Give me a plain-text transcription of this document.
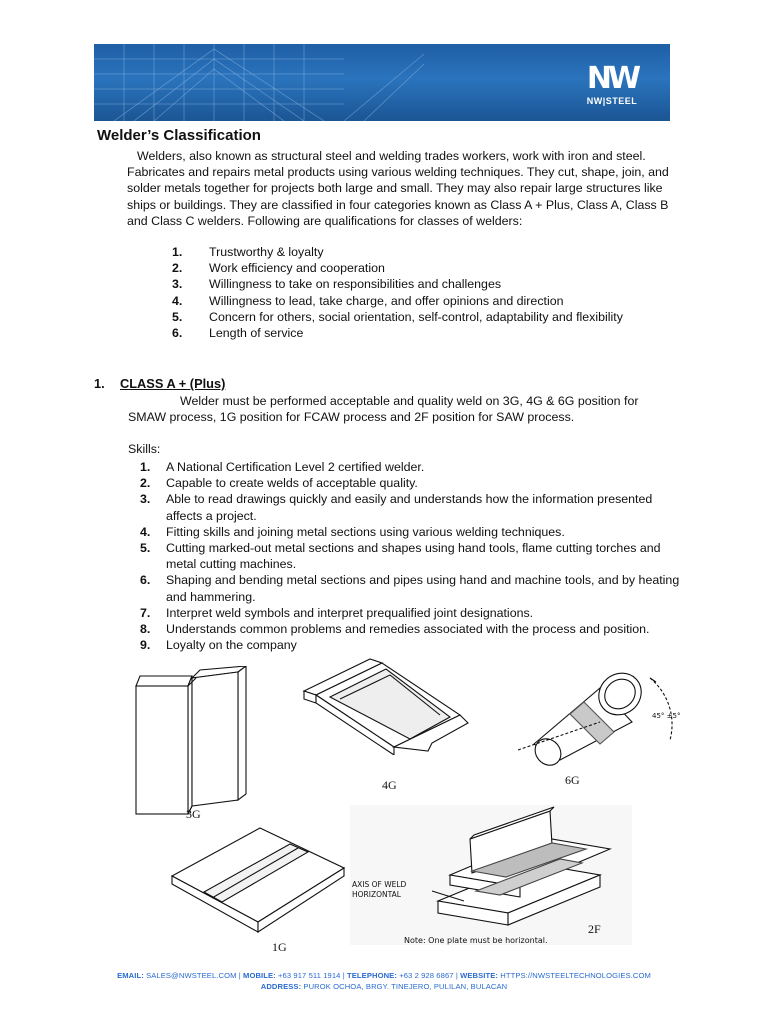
NW
NW|STEEL
Welder’s Classification
Welders, also known as structural steel and welding trades workers, work with iron and steel. Fabricates and repairs metal products using various welding techniques. They cut, shape, join, and solder metals together for projects both large and small. They may also repair large structures like ships or buildings. They are classified in four categories known as Class A + Plus, Class A, Class B and Class C welders. Following are qualifications for classes of welders:
1. Trustworthy & loyalty
2. Work efficiency and cooperation
3. Willingness to take on responsibilities and challenges
4. Willingness to lead, take charge, and offer opinions and direction
5. Concern for others, social orientation, self-control, adaptability and flexibility
6. Length of service
1. CLASS A + (Plus)
Welder must be performed acceptable and quality weld on 3G, 4G & 6G position for SMAW process, 1G position for FCAW process and 2F position for SAW process.
Skills:
1. A National Certification Level 2 certified welder.
2. Capable to create welds of acceptable quality.
3. Able to read drawings quickly and easily and understands how the information presented affects a project.
4. Fitting skills and joining metal sections using various welding techniques.
5. Cutting marked-out metal sections and shapes using hand tools, flame cutting torches and metal cutting machines.
6. Shaping and bending metal sections and pipes using hand and machine tools, and by heating and hammering.
7. Interpret weld symbols and interpret prequalified joint designations.
8. Understands common problems and remedies associated with the process and position.
9. Loyalty on the company
3G
4G
45° ±5°
6G
1G
AXIS OF WELD
HORIZONTAL
Note: One plate must be horizontal.
2F
EMAIL: SALES@NWSTEEL.COM | MOBILE: +63 917 511 1914 | TELEPHONE: +63 2 928 6867 | WEBSITE: HTTPS://NWSTEELTECHNOLOGIES.COM
ADDRESS: PUROK OCHOA, BRGY. TINEJERO, PULILAN, BULACAN
